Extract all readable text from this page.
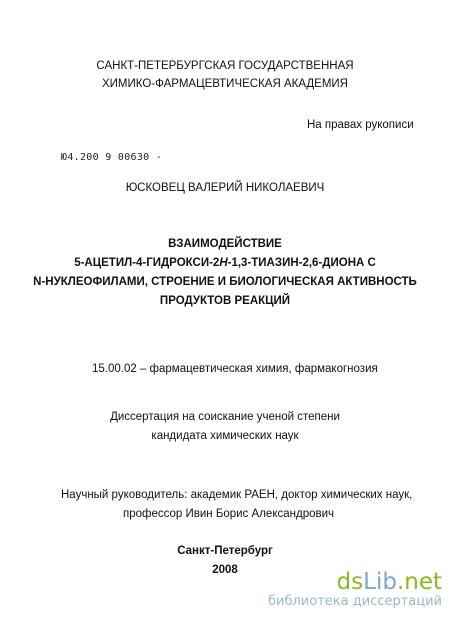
САНКТ-ПЕТЕРБУРГСКАЯ ГОСУДАРСТВЕННАЯ
ХИМИКО-ФАРМАЦЕВТИЧЕСКАЯ АКАДЕМИЯ
На правах рукописи
Ю4.200 9 00630 -
ЮСКОВЕЦ ВАЛЕРИЙ НИКОЛАЕВИЧ
ВЗАИМОДЕЙСТВИЕ
5-АЦЕТИЛ-4-ГИДРОКСИ-2Н-1,3-ТИАЗИН-2,6-ДИОНА С
N-НУКЛЕОФИЛАМИ, СТРОЕНИЕ И БИОЛОГИЧЕСКАЯ АКТИВНОСТЬ
ПРОДУКТОВ РЕАКЦИЙ
15.00.02 – фармацевтическая химия, фармакогнозия
Диссертация на соискание ученой степени
кандидата химических наук
Научный руководитель: академик РАЕН, доктор химических наук,
профессор Ивин Борис Александрович
Санкт-Петербург
2008	dsLib.net
библиотека диссертаций
